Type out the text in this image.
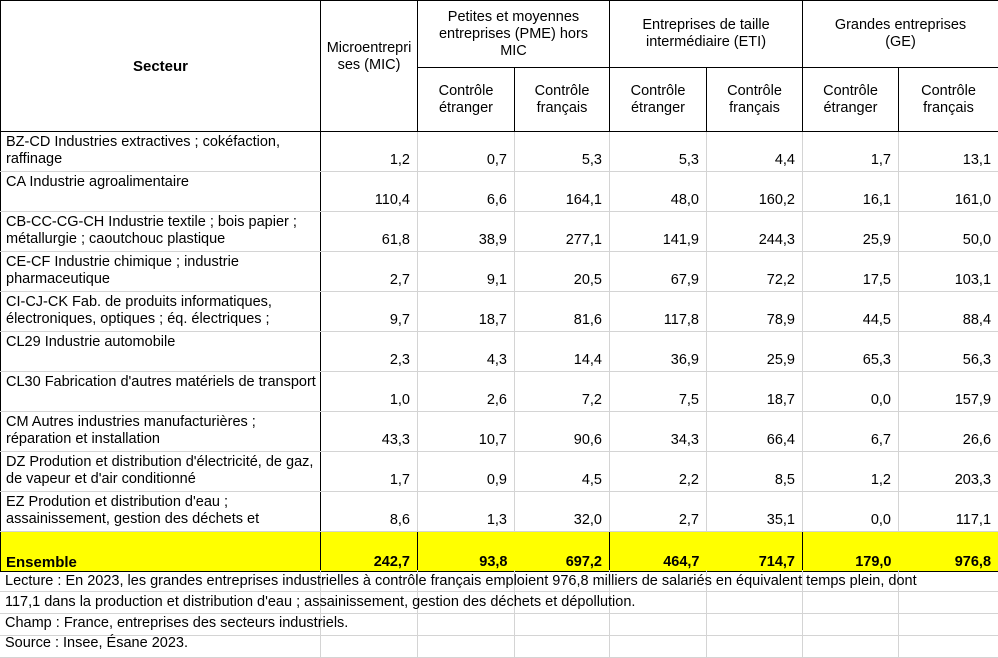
Secteur	Microentreprises (MIC)	Petites et moyennes entreprises (PME) hors MIC		Entreprises de taille intermédiaire (ETI)		Grandes entreprises (GE)	
		Contrôle étranger	Contrôle français	Contrôle étranger	Contrôle français	Contrôle étranger	Contrôle français
BZ-CD Industries extractives ; cokéfaction, raffinage	1,2	0,7	5,3	5,3	4,4	1,7	13,1
CA Industrie agroalimentaire	110,4	6,6	164,1	48,0	160,2	16,1	161,0
CB-CC-CG-CH Industrie textile ; bois papier ; métallurgie ; caoutchouc plastique	61,8	38,9	277,1	141,9	244,3	25,9	50,0
CE-CF Industrie chimique ; industrie pharmaceutique	2,7	9,1	20,5	67,9	72,2	17,5	103,1
CI-CJ-CK Fab. de produits informatiques, électroniques, optiques ; éq. électriques ;	9,7	18,7	81,6	117,8	78,9	44,5	88,4
CL29 Industrie automobile	2,3	4,3	14,4	36,9	25,9	65,3	56,3
CL30 Fabrication d'autres matériels de transport	1,0	2,6	7,2	7,5	18,7	0,0	157,9
CM Autres industries manufacturières ; réparation et installation	43,3	10,7	90,6	34,3	66,4	6,7	26,6
DZ Prodution et distribution d'électricité, de gaz, de vapeur et d'air conditionné	1,7	0,9	4,5	2,2	8,5	1,2	203,3
EZ Prodution et distribution d'eau ; assainissement, gestion des déchets et	8,6	1,3	32,0	2,7	35,1	0,0	117,1
Ensemble	242,7	93,8	697,2	464,7	714,7	179,0	976,8

Lecture : En 2023, les grandes entreprises industrielles à contrôle français emploient 976,8 milliers de salariés en équivalent temps plein, dont
117,1 dans la production et distribution d'eau ; assainissement, gestion des déchets et dépollution.
Champ : France, entreprises des secteurs industriels.
Source : Insee, Ésane 2023.
